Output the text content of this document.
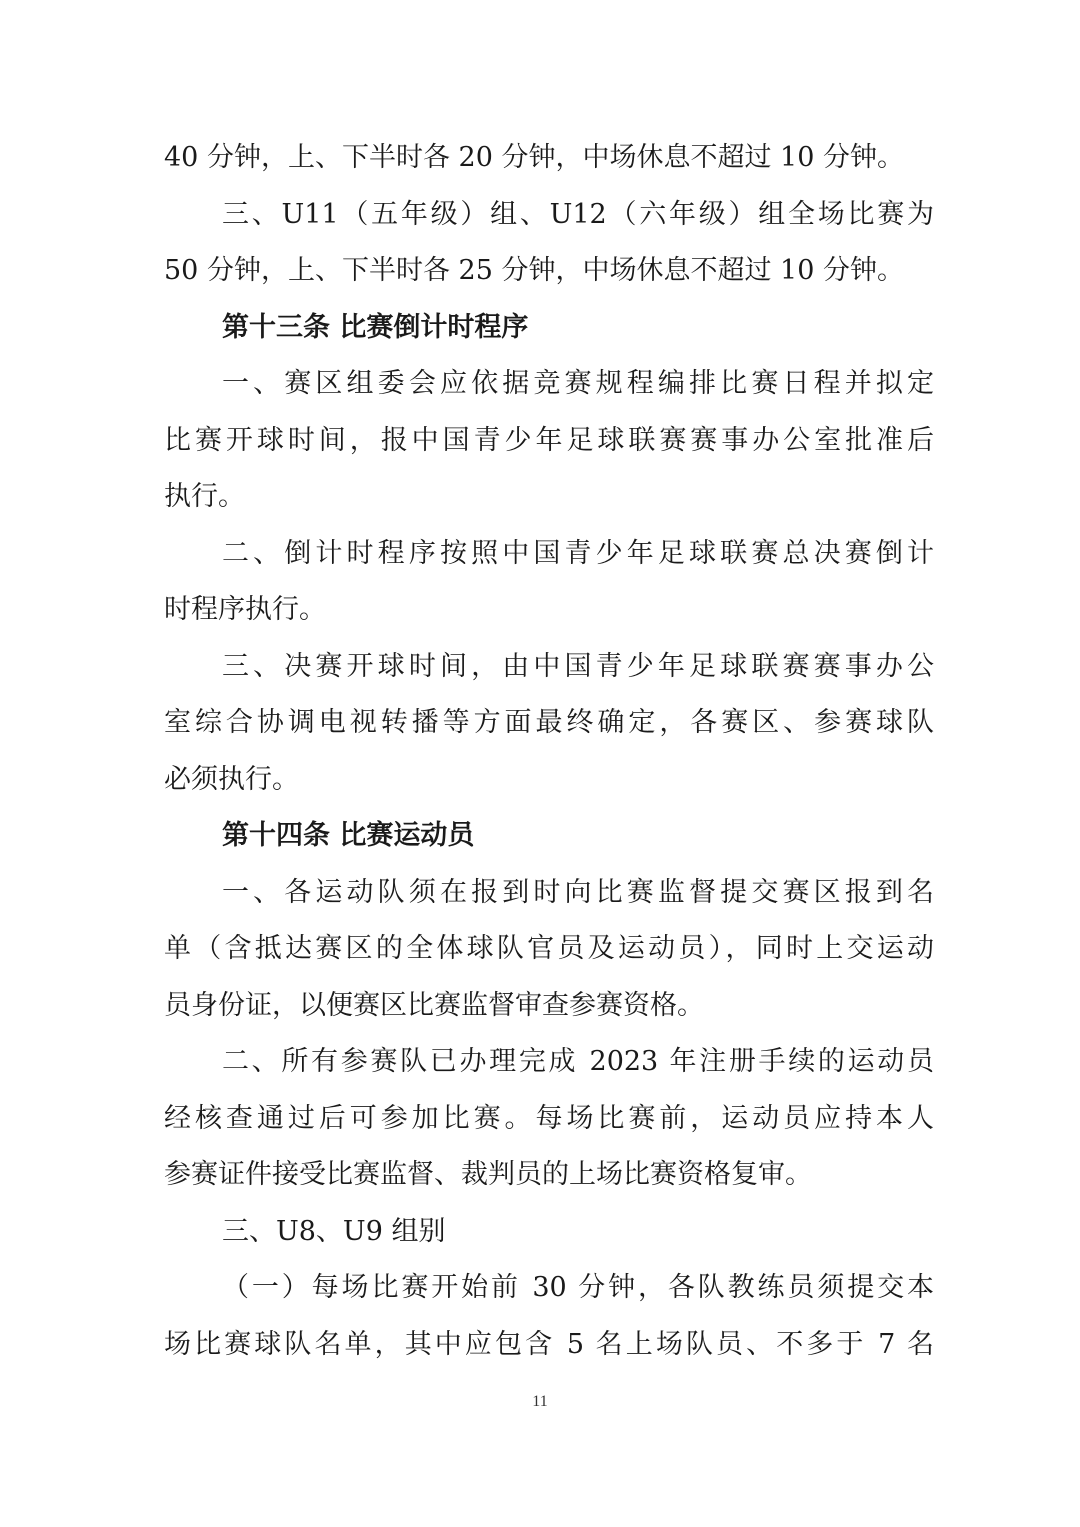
40 分钟，上、下半时各 20 分钟，中场休息不超过 10 分钟。
三、U11（五年级）组、U12（六年级）组全场比赛为
50 分钟，上、下半时各 25 分钟，中场休息不超过 10 分钟。
第十三条 比赛倒计时程序
一、赛区组委会应依据竞赛规程编排比赛日程并拟定
比赛开球时间，报中国青少年足球联赛赛事办公室批准后
执行。
二、倒计时程序按照中国青少年足球联赛总决赛倒计
时程序执行。
三、决赛开球时间，由中国青少年足球联赛赛事办公
室综合协调电视转播等方面最终确定，各赛区、参赛球队
必须执行。
第十四条 比赛运动员
一、各运动队须在报到时向比赛监督提交赛区报到名
单（含抵达赛区的全体球队官员及运动员），同时上交运动
员身份证，以便赛区比赛监督审查参赛资格。
二、所有参赛队已办理完成 2023 年注册手续的运动员
经核查通过后可参加比赛。每场比赛前，运动员应持本人
参赛证件接受比赛监督、裁判员的上场比赛资格复审。
三、U8、U9 组别
（一）每场比赛开始前 30 分钟，各队教练员须提交本
场比赛球队名单，其中应包含 5 名上场队员、不多于 7 名
11
